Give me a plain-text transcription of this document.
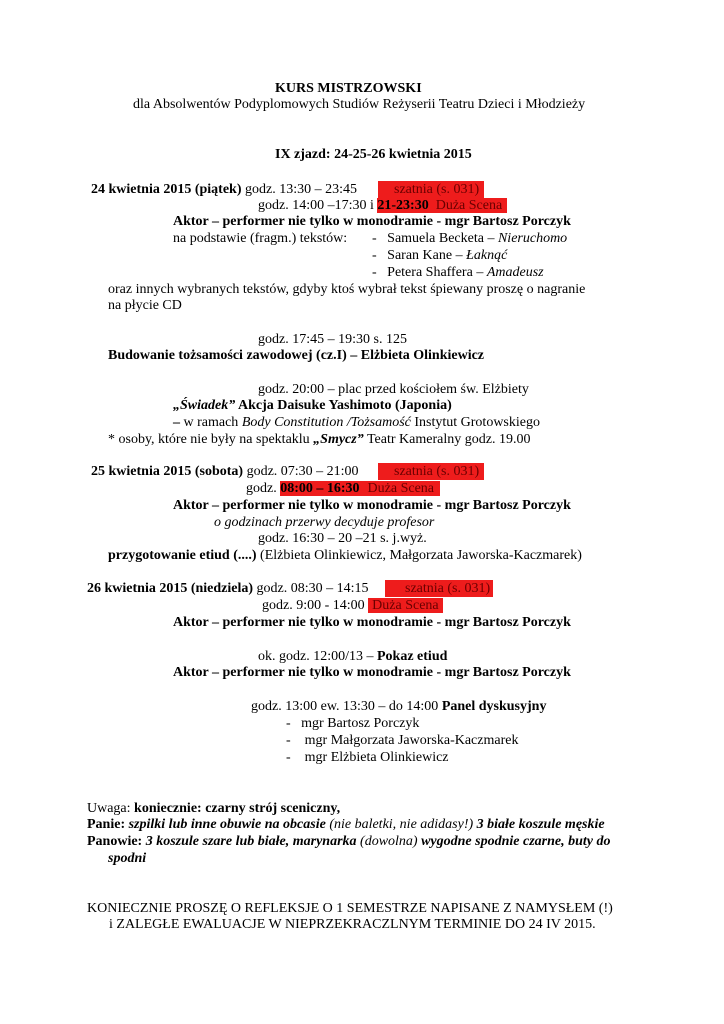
KURS MISTRZOWSKI
dla Absolwentów Podyplomowych Studiów Reżyserii Teatru Dzieci i Młodzieży
IX zjazd: 24-25-26 kwietnia 2015
24 kwietnia 2015 (piątek) godz. 13:30 – 23:45	szatnia (s. 031)
godz. 14:00 –17:30 i 21-23:30 Duża Scena
Aktor – performer nie tylko w monodramie - mgr Bartosz Porczyk
na podstawie (fragm.) tekstów: -   Samuela Becketa – Nieruchomo
-   Saran Kane – Łaknąć
-   Petera Shaffera – Amadeusz
oraz innych wybranych tekstów, gdyby ktoś wybrał tekst śpiewany proszę o nagranie
na płycie CD
godz. 17:45 – 19:30 s. 125
Budowanie tożsamości zawodowej (cz.I) – Elżbieta Olinkiewicz
godz. 20:00 – plac przed kościołem św. Elżbiety
„Świadek” Akcja Daisuke Yashimoto (Japonia)
– w ramach Body Constitution /Tożsamość Instytut Grotowskiego
* osoby, które nie były na spektaklu „Smycz” Teatr Kameralny godz. 19.00
25 kwietnia 2015 (sobota) godz. 07:30 – 21:00	szatnia (s. 031)
godz. 08:00 – 16:30 Duża Scena
Aktor – performer nie tylko w monodramie - mgr Bartosz Porczyk
o godzinach przerwy decyduje profesor
godz. 16:30 – 20 –21 s. j.wyż.
przygotowanie etiud (....) (Elżbieta Olinkiewicz, Małgorzata Jaworska-Kaczmarek)
26 kwietnia 2015 (niedziela) godz. 08:30 – 14:15	szatnia (s. 031)
godz. 9:00 - 14:00 Duża Scena
Aktor – performer nie tylko w monodramie - mgr Bartosz Porczyk
ok. godz. 12:00/13 – Pokaz etiud
Aktor – performer nie tylko w monodramie - mgr Bartosz Porczyk
godz. 13:00 ew. 13:30 – do 14:00 Panel dyskusyjny
-   mgr Bartosz Porczyk
-    mgr Małgorzata Jaworska-Kaczmarek
-    mgr Elżbieta Olinkiewicz
Uwaga: koniecznie: czarny strój sceniczny,
Panie: szpilki lub inne obuwie na obcasie (nie baletki, nie adidasy!) 3 białe koszule męskie
Panowie: 3 koszule szare lub białe, marynarka (dowolna) wygodne spodnie czarne, buty do
spodni
KONIECZNIE PROSZĘ O REFLEKSJE O 1 SEMESTRZE NAPISANE Z NAMYSŁEM (!)
i ZALEGŁE EWALUACJE W NIEPRZEKRACZLNYM TERMINIE DO 24 IV 2015.
